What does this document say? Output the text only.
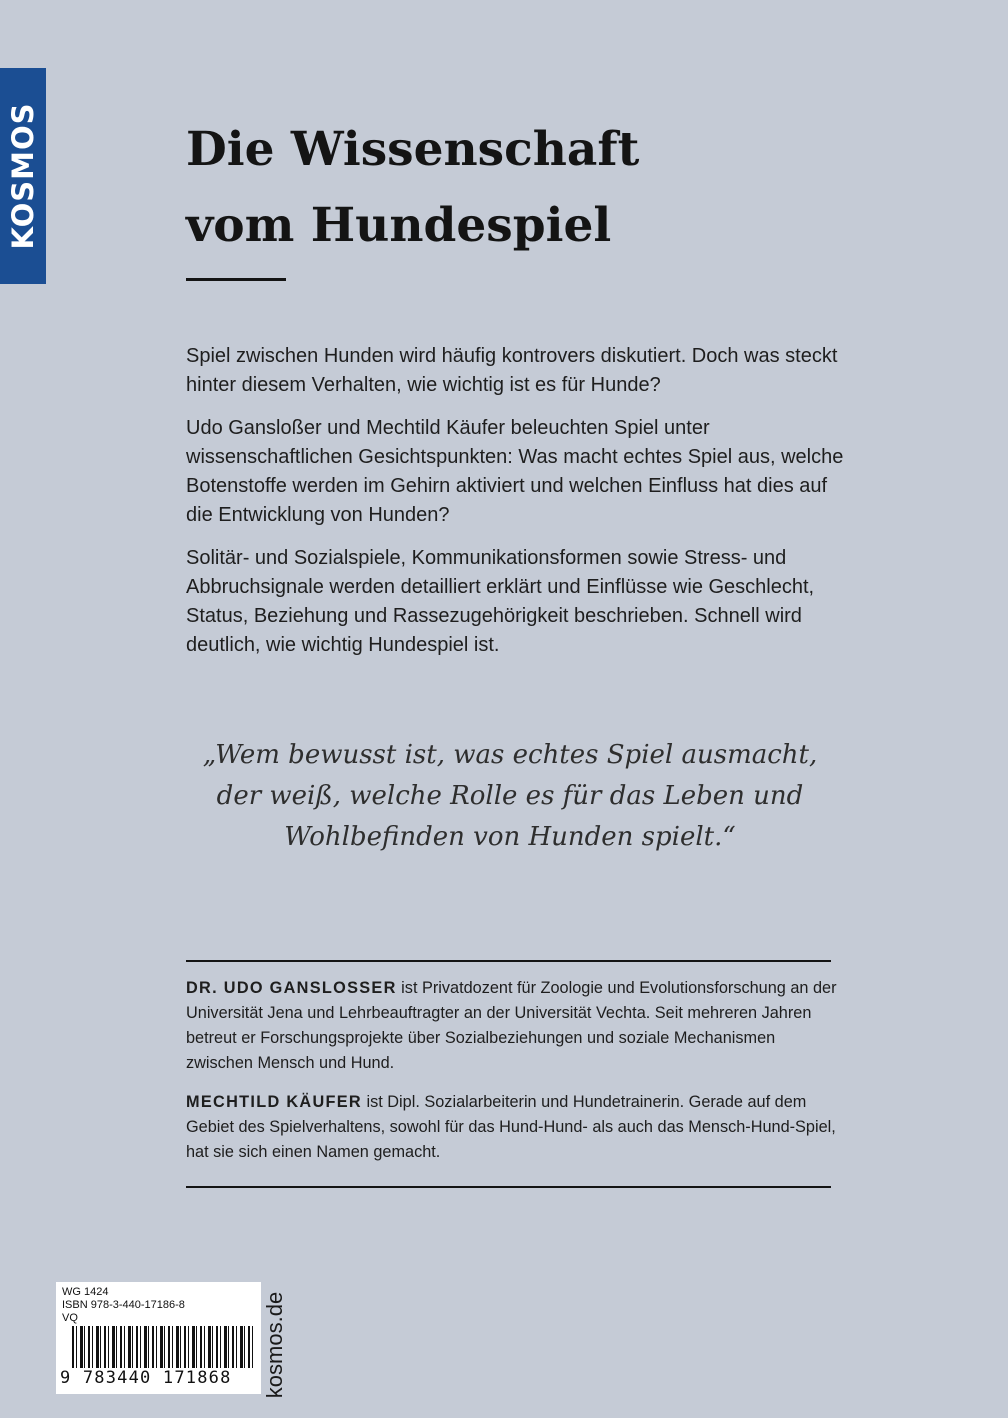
KOSMOS	Die Wissenschaft
vom Hundespiel

Spiel zwischen Hunden wird häufig kontrovers diskutiert. Doch was steckt hinter diesem Verhalten, wie wichtig ist es für Hunde?

Udo Gansloßer und Mechtild Käufer beleuchten Spiel unter wissenschaftlichen Gesichtspunkten: Was macht echtes Spiel aus, welche Botenstoffe werden im Gehirn aktiviert und welchen Einfluss hat dies auf die Entwicklung von Hunden?

Solitär- und Sozialspiele, Kommunikationsformen sowie Stress- und Abbruchsignale werden detailliert erklärt und Einflüsse wie Geschlecht, Status, Beziehung und Rassezugehörigkeit beschrieben. Schnell wird deutlich, wie wichtig Hundespiel ist.

„Wem bewusst ist, was echtes Spiel ausmacht,
der weiß, welche Rolle es für das Leben und
Wohlbefinden von Hunden spielt.“

DR. UDO GANSLOSSER ist Privatdozent für Zoologie und Evolutionsforschung an der Universität Jena und Lehrbeauftragter an der Universität Vechta. Seit mehreren Jahren betreut er Forschungsprojekte über Sozialbeziehungen und soziale Mechanismen zwischen Mensch und Hund.

MECHTILD KÄUFER ist Dipl. Sozialarbeiterin und Hundetrainerin. Gerade auf dem Gebiet des Spielverhaltens, sowohl für das Hund-Hund- als auch das Mensch-Hund-Spiel, hat sie sich einen Namen gemacht.

WG 1424
ISBN 978-3-440-17186-8
VQ
9 783440 171868 kosmos.de
